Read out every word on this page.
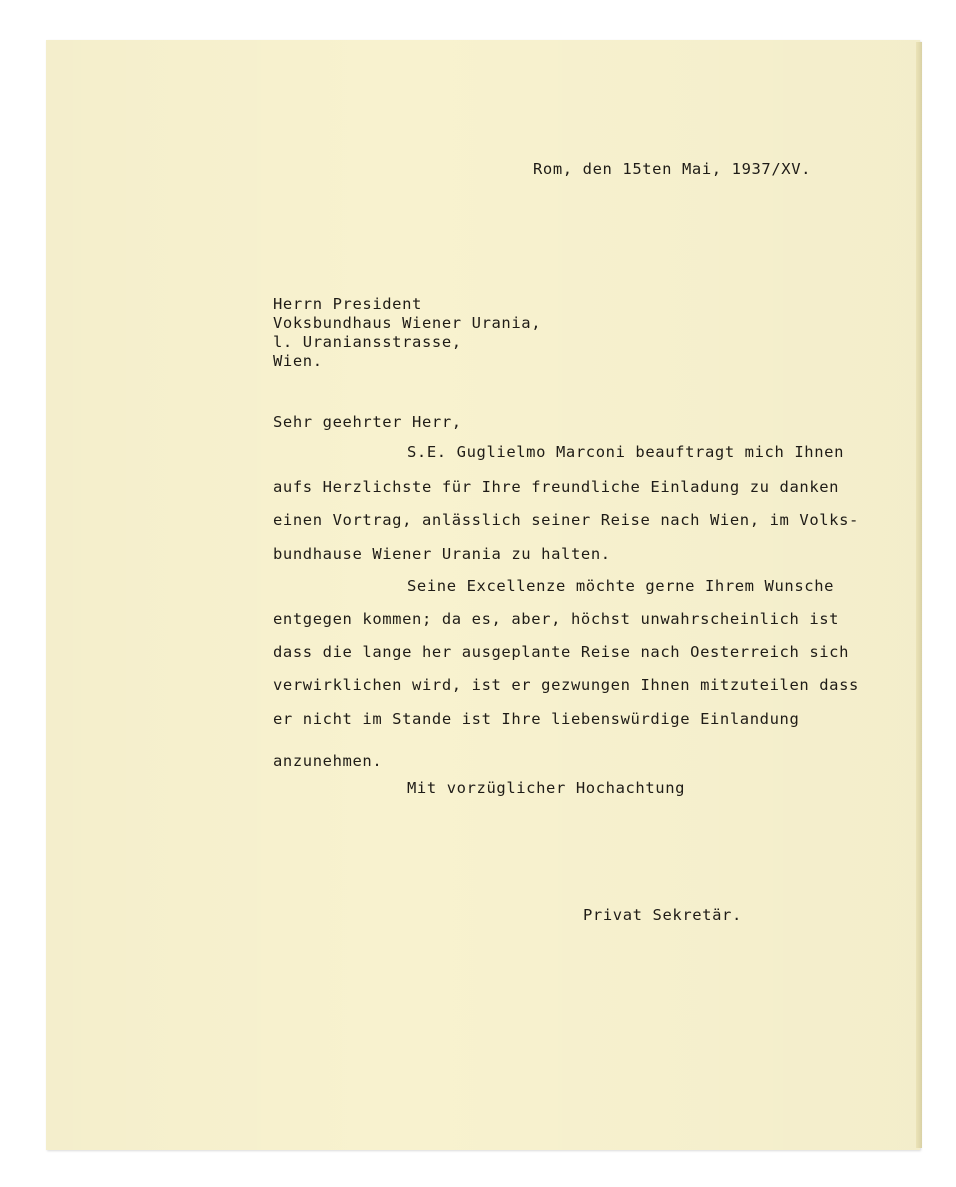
Rom, den 15ten Mai, 1937/XV.
Herrn President
Voksbundhaus Wiener Urania,
l. Uraniansstrasse,
Wien.
Sehr geehrter Herr,
S.E. Guglielmo Marconi beauftragt mich Ihnen
aufs Herzlichste für Ihre freundliche Einladung zu danken
einen Vortrag, anlässlich seiner Reise nach Wien, im Volks-
bundhause Wiener Urania zu halten.
Seine Excellenze möchte gerne Ihrem Wunsche
entgegen kommen; da es, aber, höchst unwahrscheinlich ist
dass die lange her ausgeplante Reise nach Oesterreich sich
verwirklichen wird, ist er gezwungen Ihnen mitzuteilen dass
er nicht im Stande ist Ihre liebenswürdige Einlandung
anzunehmen.
Mit vorzüglicher Hochachtung
Privat Sekretär.
